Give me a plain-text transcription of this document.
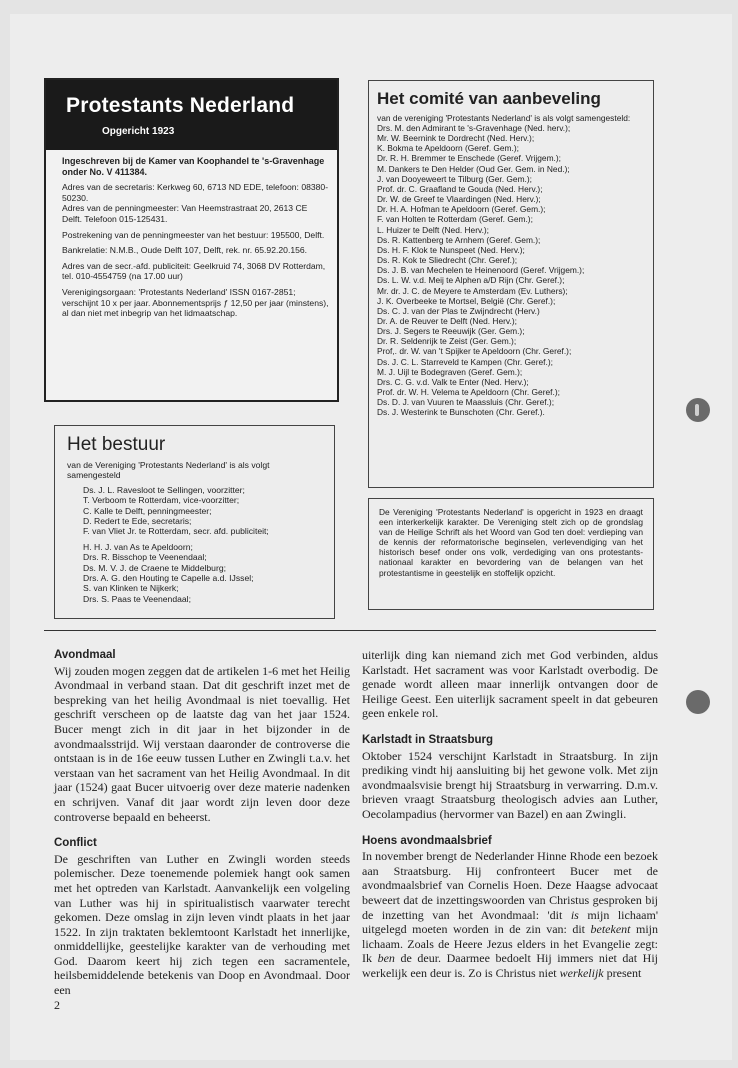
Protestants Nederland
Opgericht 1923

Ingeschreven bij de Kamer van Koophandel te 's-Gravenhage onder No. V 411384.

Adres van de secretaris: Kerkweg 60, 6713 ND EDE, telefoon: 08380-50230.

Adres van de penningmeester: Van Heemstrastraat 20, 2613 CE Delft. Telefoon 015-125431.

Postrekening van de penningmeester van het bestuur: 195500, Delft.

Bankrelatie: N.M.B., Oude Delft 107, Delft, rek. nr. 65.92.20.156.

Adres van de secr.-afd. publiciteit: Geelkruid 74, 3068 DV Rotterdam, tel. 010-4554759 (na 17.00 uur)

Verenigingsorgaan: 'Protestants Nederland' ISSN 0167-2851; verschijnt 10 x per jaar. Abonnementsprijs ƒ 12,50 per jaar (minstens), al dan niet met inbegrip van het lidmaatschap.

Het bestuur
van de Vereniging 'Protestants Nederland' is als volgt samengesteld
Ds. J. L. Ravesloot te Sellingen, voorzitter;
T. Verboom te Rotterdam, vice-voorzitter;
C. Kalle te Delft, penningmeester;
D. Redert te Ede, secretaris;
F. van Vliet Jr. te Rotterdam, secr. afd. publiciteit;
H. H. J. van As te Apeldoorn;
Drs. R. Bisschop te Veenendaal;
Ds. M. V. J. de Craene te Middelburg;
Drs. A. G. den Houting te Capelle a.d. IJssel;
S. van Klinken te Nijkerk;
Drs. S. Paas te Veenendaal;
Het comité van aanbeveling
van de vereniging 'Protestants Nederland' is als volgt samengesteld:
Drs. M. den Admirant te 's-Gravenhage (Ned. herv.);
Mr. W. Beernink te Dordrecht (Ned. Herv.);
K. Bokma te Apeldoorn (Geref. Gem.);
Dr. R. H. Bremmer te Enschede (Geref. Vrijgem.);
M. Dankers te Den Helder (Oud Ger. Gem. in Ned.);
J. van Dooyeweert te Tilburg (Ger. Gem.);
Prof. dr. C. Graafland te Gouda (Ned. Herv.);
Dr. W. de Greef te Vlaardingen (Ned. Herv.);
Dr. H. A. Hofman te Apeldoorn (Geref. Gem.);
F. van Holten te Rotterdam (Geref. Gem.);
L. Huizer te Delft (Ned. Herv.);
Ds. R. Kattenberg te Arnhem (Geref. Gem.);
Ds. H. F. Klok te Nunspeet (Ned. Herv.);
Ds. R. Kok te Sliedrecht (Chr. Geref.);
Ds. J. B. van Mechelen te Heinenoord (Geref. Vrijgem.);
Ds. L. W. v.d. Meij te Alphen a/D Rijn (Chr. Geref.);
Mr. dr. J. C. de Meyere te Amsterdam (Ev. Luthers);
J. K. Overbeeke te Mortsel, België (Chr. Geref.);
Ds. C. J. van der Plas te Zwijndrecht (Herv.)
Dr. A. de Reuver te Delft (Ned. Herv.);
Drs. J. Segers te Reeuwijk (Ger. Gem.);
Dr. R. Seldenrijk te Zeist (Ger. Gem.);
Prof,. dr. W. van 't Spijker te Apeldoorn (Chr. Geref.);
Ds. J. C. L. Starreveld te Kampen (Chr. Geref.);
M. J. Uijl te Bodegraven (Geref. Gem.);
Drs. C. G. v.d. Valk te Enter (Ned. Herv.);
Prof. dr. W. H. Velema te Apeldoorn (Chr. Geref.);
Ds. D. J. van Vuuren te Maassluis (Chr. Geref.);
Ds. J. Westerink te Bunschoten (Chr. Geref.).
De Vereniging 'Protestants Nederland' is opgericht in 1923 en draagt een interkerkelijk karakter. De Vereniging stelt zich op de grondslag van de Heilige Schrift als het Woord van God ten doel: verdieping van de kennis der reformatorische beginselen, verlevendiging van het historisch besef onder ons volk, verdediging van ons protestants-nationaal karakter en bevordering van de belangen van het protestantisme in geestelijk en stoffelijk opzicht.
Avondmaal

Wij zouden mogen zeggen dat de artikelen 1-6 met het Heilig Avondmaal in verband staan. Dat dit geschrift inzet met de bespreking van het heilig Avondmaal is niet toevallig. Het geschrift verscheen op de laatste dag van het jaar 1524. Bucer mengt zich in dit jaar in het bijzonder in de avondmaalsstrijd. Wij verstaan daaronder de controverse die ontstaan is in de 16e eeuw tussen Luther en Zwingli t.a.v. het verstaan van het sacrament van het Heilig Avondmaal. In dit jaar (1524) gaat Bucer uitvoerig over deze materie nadenken en schrijven. Vanaf dit jaar wordt zijn leven door deze controverse bepaald en beheerst.

Conflict

De geschriften van Luther en Zwingli worden steeds polemischer. Deze toenemende polemiek hangt ook samen met het optreden van Karlstadt. Aanvankelijk een volgeling van Luther was hij in spiritualistisch vaarwater terecht gekomen. Deze omslag in zijn leven vindt plaats in het jaar 1522. In zijn traktaten beklemtoont Karlstadt het innerlijke, onmiddellijke, geestelijke karakter van de verhouding met God. Daarom keert hij zich tegen een sacramentele, heilsbemiddelende betekenis van Doop en Avondmaal. Door een

uiterlijk ding kan niemand zich met God verbinden, aldus Karlstadt. Het sacrament was voor Karlstadt overbodig. De genade wordt alleen maar innerlijk ontvangen door de Heilige Geest. Een uiterlijk sacrament speelt in dat gebeuren geen enkele rol.

Karlstadt in Straatsburg

Oktober 1524 verschijnt Karlstadt in Straatsburg. In zijn prediking vindt hij aansluiting bij het gewone volk. Met zijn avondmaalsvisie brengt hij Straatsburg in verwarring. D.m.v. brieven vraagt Straatsburg theologisch advies aan Luther, Oecolampadius (hervormer van Bazel) en aan Zwingli.

Hoens avondmaalsbrief

In november brengt de Nederlander Hinne Rhode een bezoek aan Straatsburg. Hij confronteert Bucer met de avondmaalsbrief van Cornelis Hoen. Deze Haagse advocaat beweert dat de inzettingswoorden van Christus gesproken bij de inzetting van het Avondmaal: 'dit is mijn lichaam' uitgelegd moeten worden in de zin van: dit betekent mijn lichaam. Zoals de Heere Jezus elders in het Evangelie zegt: Ik ben de deur. Daarmee bedoelt Hij immers niet dat Hij werkelijk een deur is. Zo is Christus niet werkelijk present

2
